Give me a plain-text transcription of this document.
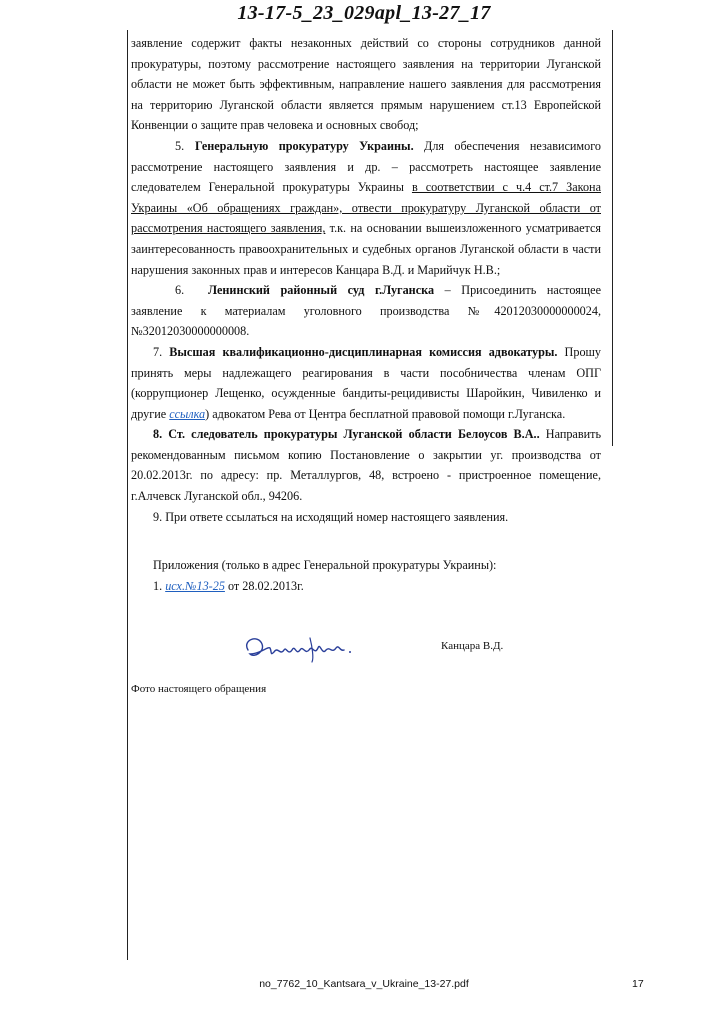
13-17-5_23_029apl_13-27_17

заявление содержит факты незаконных действий со стороны сотрудников данной прокуратуры, поэтому рассмотрение настоящего заявления на территории Луганской области не может быть эффективным, направление нашего заявления для рассмотрения на территорию Луганской области является прямым нарушением ст.13 Европейской Конвенции о защите прав человека и основных свобод;

5. Генеральную прокуратуру Украины. Для обеспечения независимого рассмотрение настоящего заявления и др. – рассмотреть настоящее заявление следователем Генеральной прокуратуры Украины в соответствии с ч.4 ст.7 Закона Украины «Об обращениях граждан», отвести прокуратуру Луганской области от рассмотрения настоящего заявления, т.к. на основании вышеизложенного усматривается заинтересованность правоохранительных и судебных органов Луганской области в части нарушения законных прав и интересов Канцара В.Д. и Марийчук Н.В.;

6. Ленинский районный суд г.Луганска – Присоединить настоящее заявление к материалам уголовного производства №42012030000000024, №32012030000000008.

7. Высшая квалификационно-дисциплинарная комиссия адвокатуры. Прошу принять меры надлежащего реагирования в части пособничества членам ОПГ (коррупционер Лещенко, осужденные бандиты-рецидивисты Шаройкин, Чивиленко и другие ссылка) адвокатом Рева от Центра бесплатной правовой помощи г.Луганска.

8. Ст. следователь прокуратуры Луганской области Белоусов В.А.. Направить рекомендованным письмом копию Постановление о закрытии уг. производства от 20.02.2013г. по адресу: пр. Металлургов, 48, встроено - пристроенное помещение, г.Алчевск Луганской обл., 94206.

9. При ответе ссылаться на исходящий номер настоящего заявления.

Приложения (только в адрес Генеральной прокуратуры Украины):

1. исх.№13-25 от 28.02.2013г.

Канцара В.Д.
Фото настоящего обращения
no_7762_10_Kantsara_v_Ukraine_13-27.pdf	17
